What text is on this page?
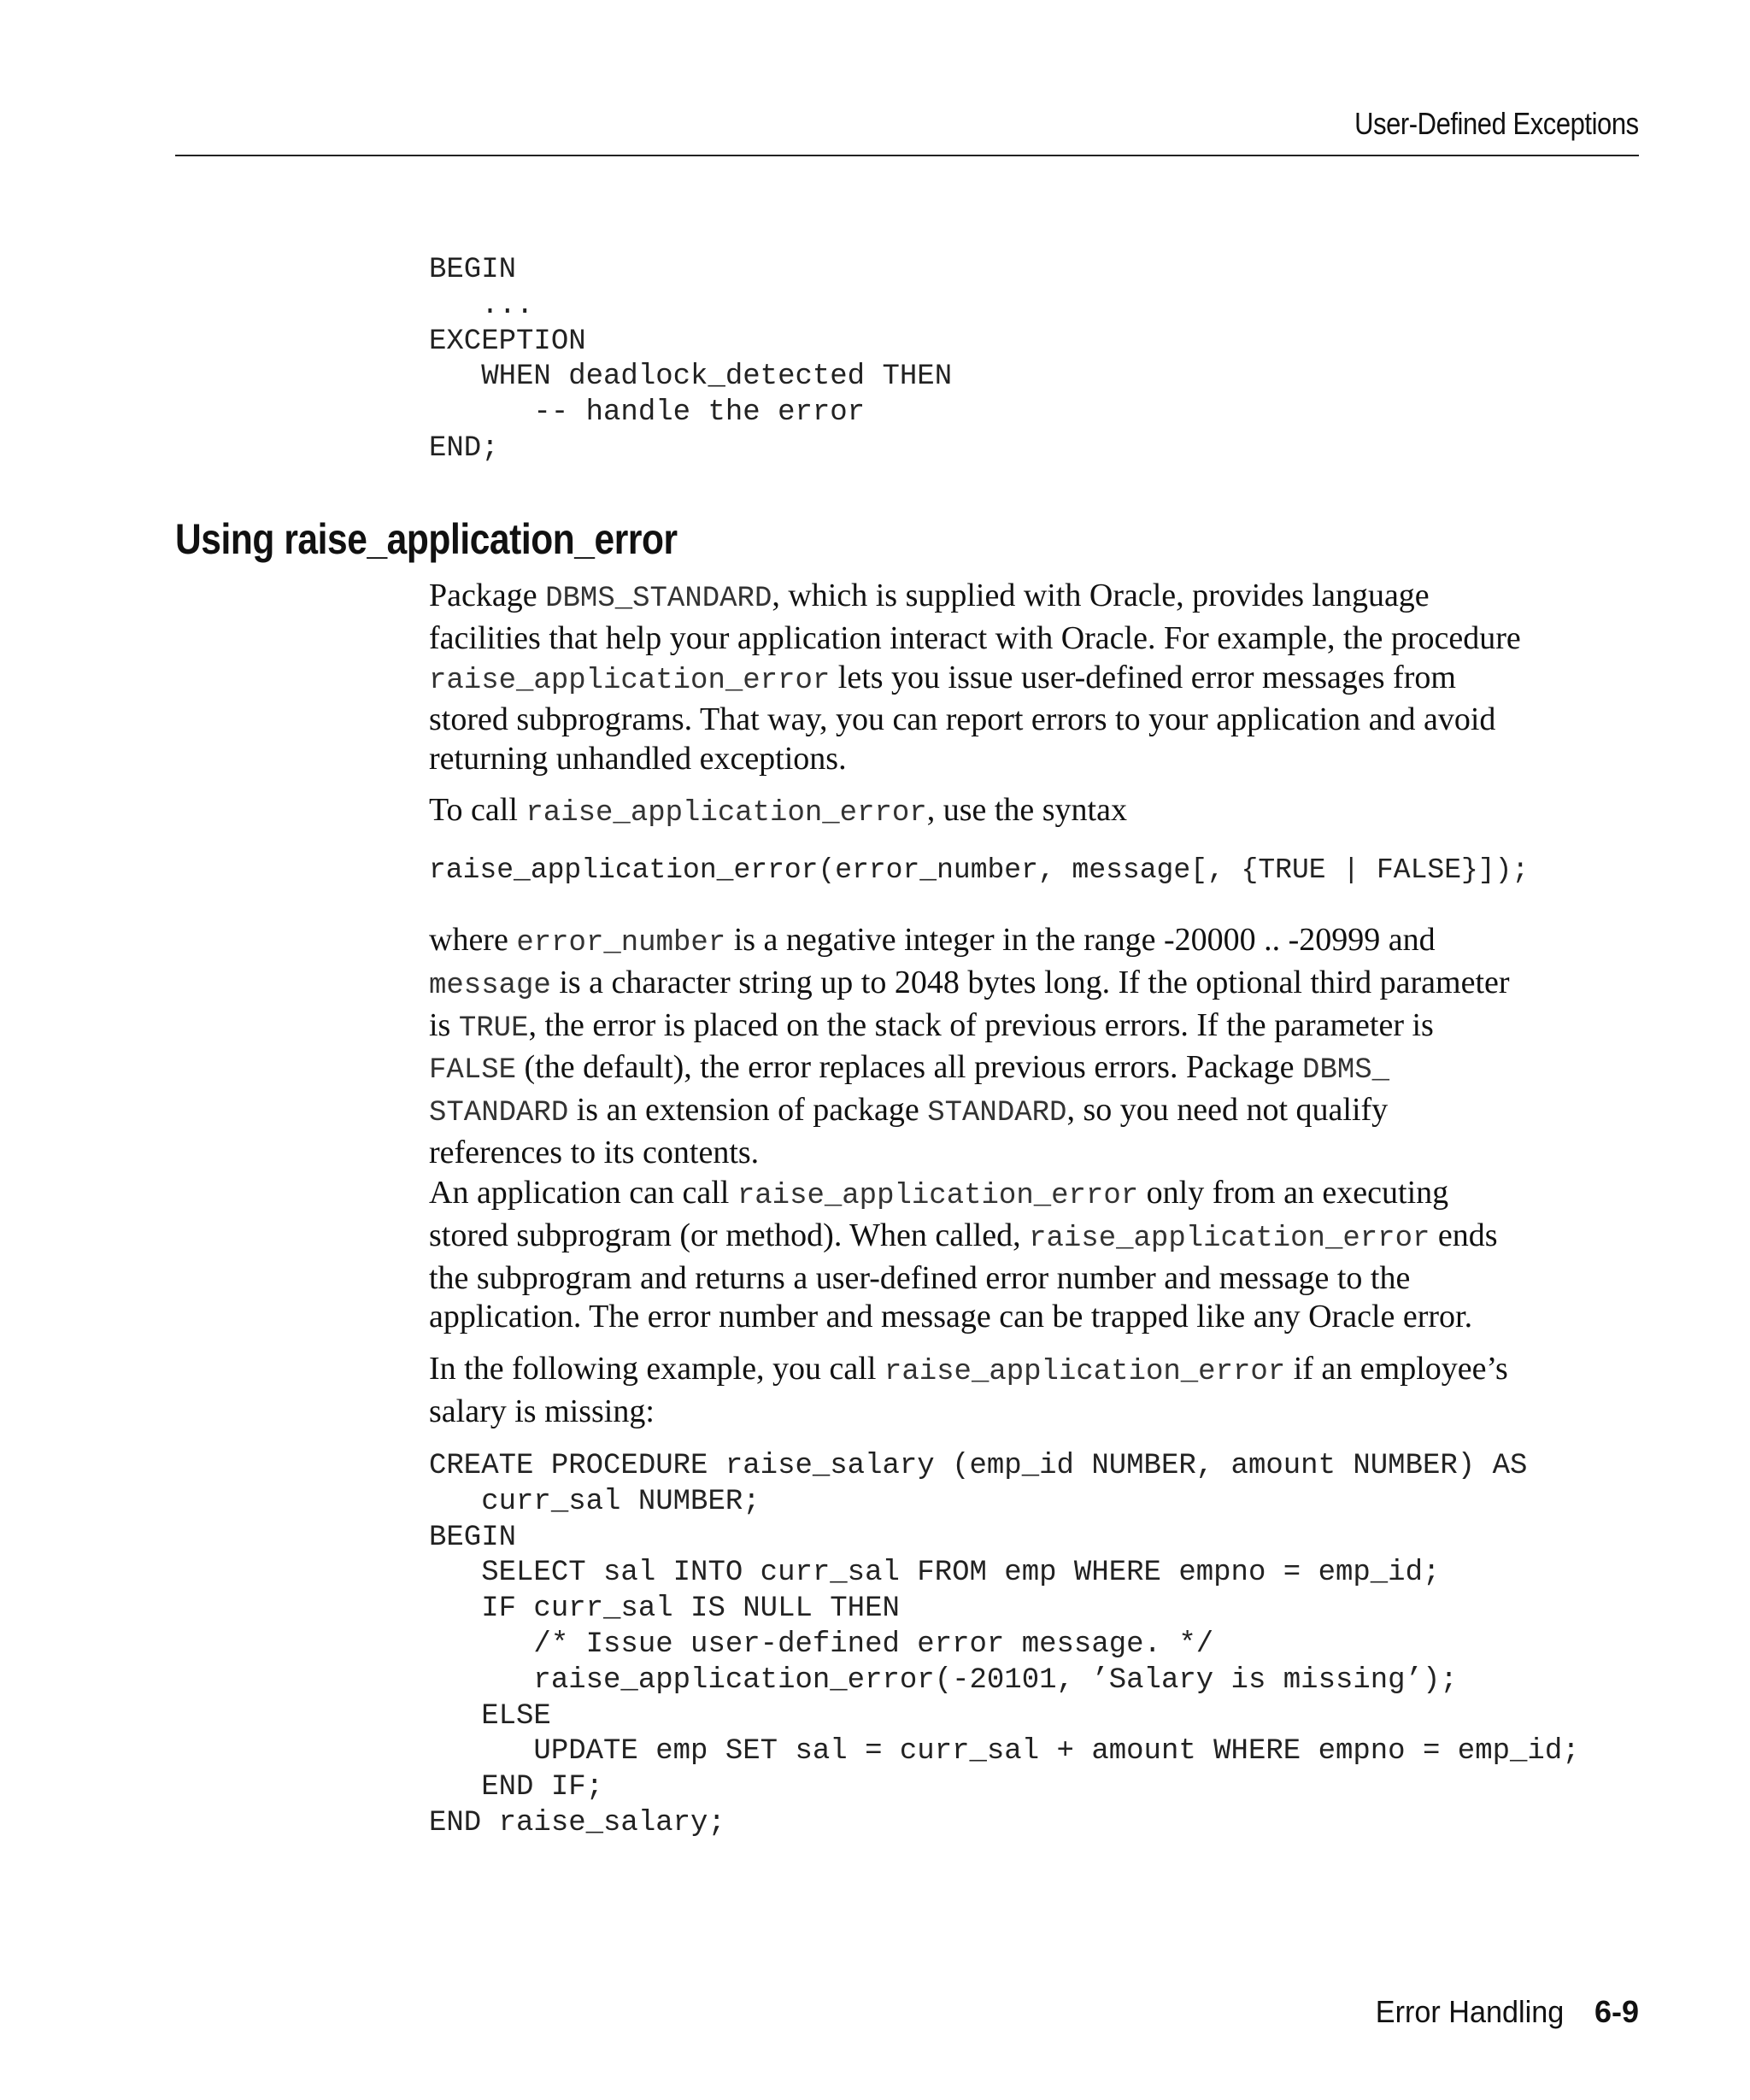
User-Defined Exceptions
BEGIN
...
EXCEPTION
WHEN deadlock_detected THEN
-- handle the error
END;
Using raise_application_error

Package DBMS_STANDARD, which is supplied with Oracle, provides language
facilities that help your application interact with Oracle. For example, the procedure
raise_application_error lets you issue user-defined error messages from
stored subprograms. That way, you can report errors to your application and avoid
returning unhandled exceptions.

To call raise_application_error, use the syntax

raise_application_error(error_number, message[, {TRUE | FALSE}]);

where error_number is a negative integer in the range -20000 .. -20999 and
message is a character string up to 2048 bytes long. If the optional third parameter
is TRUE, the error is placed on the stack of previous errors. If the parameter is
FALSE (the default), the error replaces all previous errors. Package DBMS_
STANDARD is an extension of package STANDARD, so you need not qualify
references to its contents.

An application can call raise_application_error only from an executing
stored subprogram (or method). When called, raise_application_error ends
the subprogram and returns a user-defined error number and message to the
application. The error number and message can be trapped like any Oracle error.

In the following example, you call raise_application_error if an employee’s
salary is missing:

CREATE PROCEDURE raise_salary (emp_id NUMBER, amount NUMBER) AS
curr_sal NUMBER;
BEGIN
SELECT sal INTO curr_sal FROM emp WHERE empno = emp_id;
IF curr_sal IS NULL THEN
/* Issue user-defined error message. */
raise_application_error(-20101, ’Salary is missing’);
ELSE
UPDATE emp SET sal = curr_sal + amount WHERE empno = emp_id;
END IF;
END raise_salary;
Error Handling 6-9
